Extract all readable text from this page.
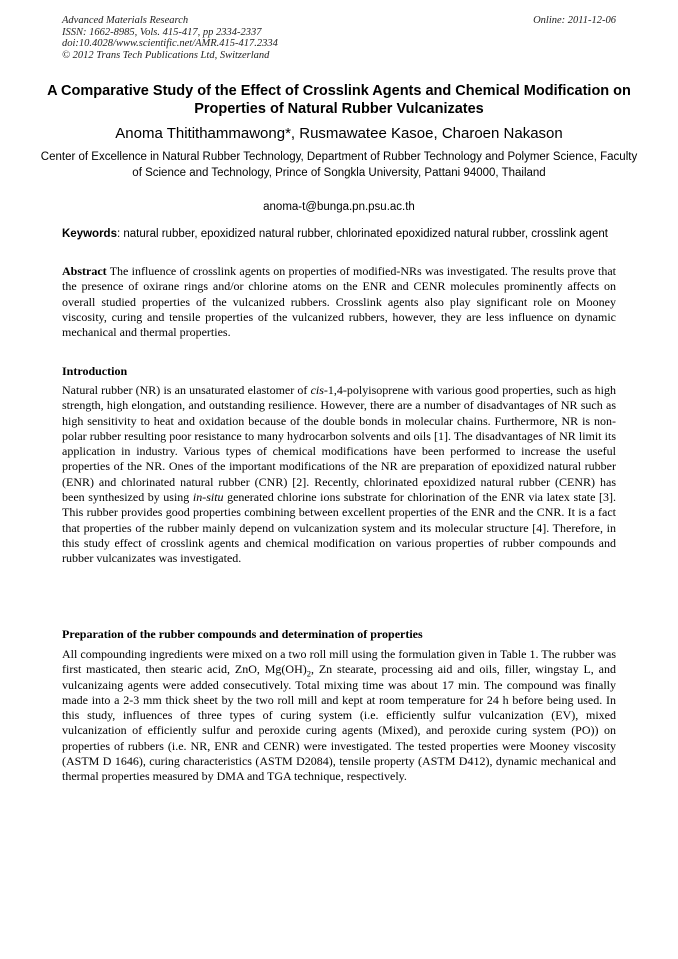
Advanced Materials Research
ISSN: 1662-8985, Vols. 415-417, pp 2334-2337
doi:10.4028/www.scientific.net/AMR.415-417.2334
© 2012 Trans Tech Publications Ltd, Switzerland
Online: 2011-12-06
A Comparative Study of the Effect of Crosslink Agents and Chemical Modification on Properties of Natural Rubber Vulcanizates
Anoma Thitithammawong*, Rusmawatee Kasoe, Charoen Nakason
Center of Excellence in Natural Rubber Technology, Department of Rubber Technology and Polymer Science, Faculty of Science and Technology, Prince of Songkla University, Pattani 94000, Thailand
anoma-t@bunga.pn.psu.ac.th
Keywords: natural rubber, epoxidized natural rubber, chlorinated epoxidized natural rubber, crosslink agent
Abstract The influence of crosslink agents on properties of modified-NRs was investigated. The results prove that the presence of oxirane rings and/or chlorine atoms on the ENR and CENR molecules prominently affects on overall studied properties of the vulcanized rubbers. Crosslink agents also play significant role on Mooney viscosity, curing and tensile properties of the vulcanized rubbers, however, they are less influence on dynamic mechanical and thermal properties.
Introduction
Natural rubber (NR) is an unsaturated elastomer of cis-1,4-polyisoprene with various good properties, such as high strength, high elongation, and outstanding resilience. However, there are a number of disadvantages of NR such as high sensitivity to heat and oxidation because of the double bonds in molecular chains. Furthermore, NR is non-polar rubber resulting poor resistance to many hydrocarbon solvents and oils [1]. The disadvantages of NR limit its application in industry. Various types of chemical modifications have been performed to increase the useful properties of the NR. Ones of the important modifications of the NR are preparation of epoxidized natural rubber (ENR) and chlorinated natural rubber (CNR) [2]. Recently, chlorinated epoxidized natural rubber (CENR) has been synthesized by using in-situ generated chlorine ions substrate for chlorination of the ENR via latex state [3]. This rubber provides good properties combining between excellent properties of the ENR and the CNR. It is a fact that properties of the rubber mainly depend on vulcanization system and its molecular structure [4]. Therefore, in this study effect of crosslink agents and chemical modification on various properties of rubber compounds and rubber vulcanizates was investigated.
Preparation of the rubber compounds and determination of properties
All compounding ingredients were mixed on a two roll mill using the formulation given in Table 1. The rubber was first masticated, then stearic acid, ZnO, $Mg(OH)_2$, Zn stearate, processing aid and oils, filler, wingstay L, and vulcanizaing agents were added consecutively. Total mixing time was about 17 min. The compound was finally made into a 2-3 mm thick sheet by the two roll mill and kept at room temperature for 24 h before being used. In this study, influences of three types of curing system (i.e. efficiently sulfur vulcanization (EV), mixed vulcanization of efficiently sulfur and peroxide curing agents (Mixed), and peroxide curing system (PO)) on properties of rubbers (i.e. NR, ENR and CENR) were investigated. The tested properties were Mooney viscosity (ASTM D 1646), curing characteristics (ASTM D2084), tensile property (ASTM D412), dynamic mechanical and thermal properties measured by DMA and TGA technique, respectively.
